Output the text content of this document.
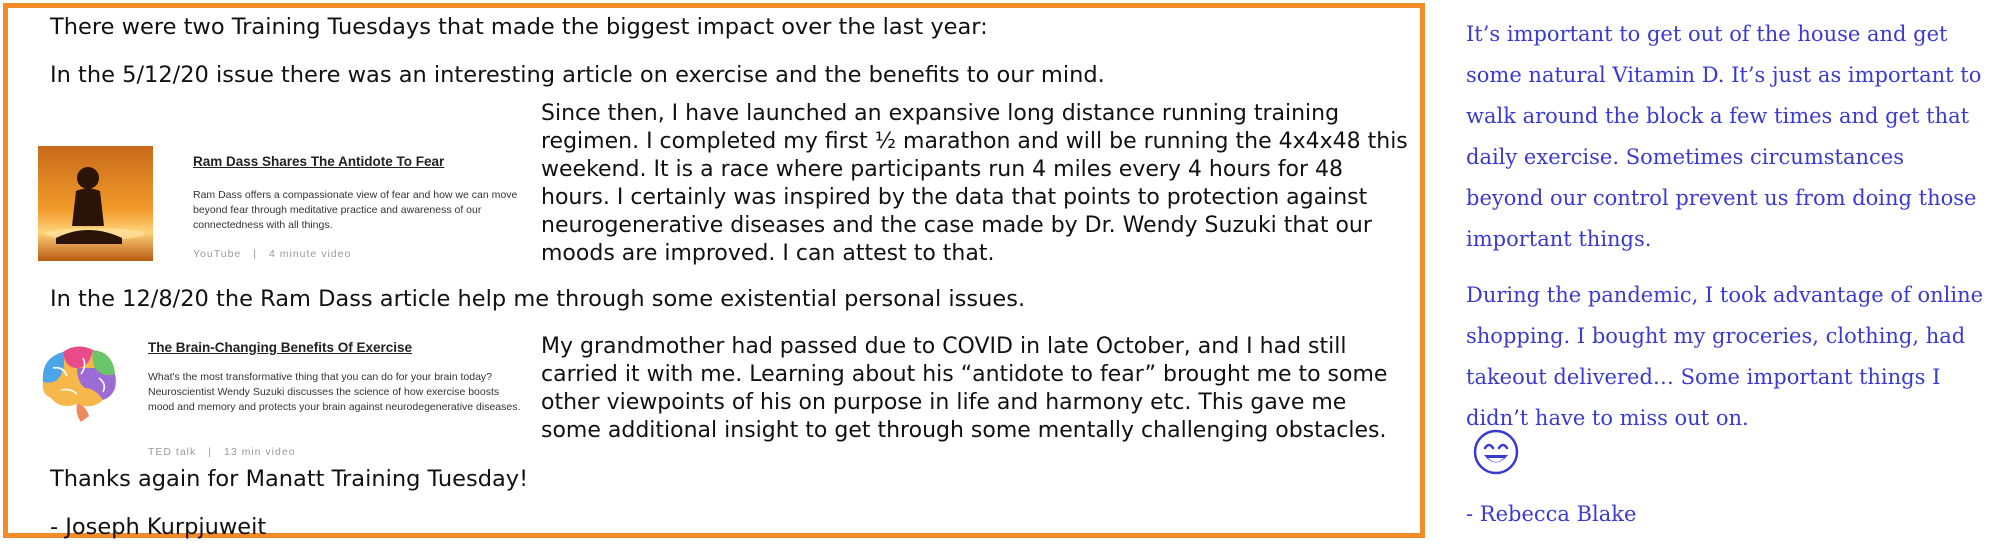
There were two Training Tuesdays that made the biggest impact over the last year:
In the 5/12/20 issue there was an interesting article on exercise and the benefits to our mind.
Ram Dass Shares The Antidote To Fear
Ram Dass offers a compassionate view of fear and how we can move beyond fear through meditative practice and awareness of our connectedness with all things.
YouTube | 4 minute video
Since then, I have launched an expansive long distance running training regimen. I completed my first ½ marathon and will be running the 4x4x48 this weekend. It is a race where participants run 4 miles every 4 hours for 48 hours. I certainly was inspired by the data that points to protection against neurogenerative diseases and the case made by Dr. Wendy Suzuki that our moods are improved. I can attest to that.
In the 12/8/20 the Ram Dass article help me through some existential personal issues.
The Brain-Changing Benefits Of Exercise
What's the most transformative thing that you can do for your brain today? Neuroscientist Wendy Suzuki discusses the science of how exercise boosts mood and memory and protects your brain against neurodegenerative diseases.
TED talk | 13 min video
My grandmother had passed due to COVID in late October, and I had still carried it with me. Learning about his “antidote to fear” brought me to some other viewpoints of his on purpose in life and harmony etc. This gave me some additional insight to get through some mentally challenging obstacles.
Thanks again for Manatt Training Tuesday!
- Joseph Kurpjuweit

It’s important to get out of the house and get some natural Vitamin D. It’s just as important to walk around the block a few times and get that daily exercise. Sometimes circumstances beyond our control prevent us from doing those important things.

During the pandemic, I took advantage of online shopping. I bought my groceries, clothing, had takeout delivered… Some important things I didn’t have to miss out on.

- Rebecca Blake
